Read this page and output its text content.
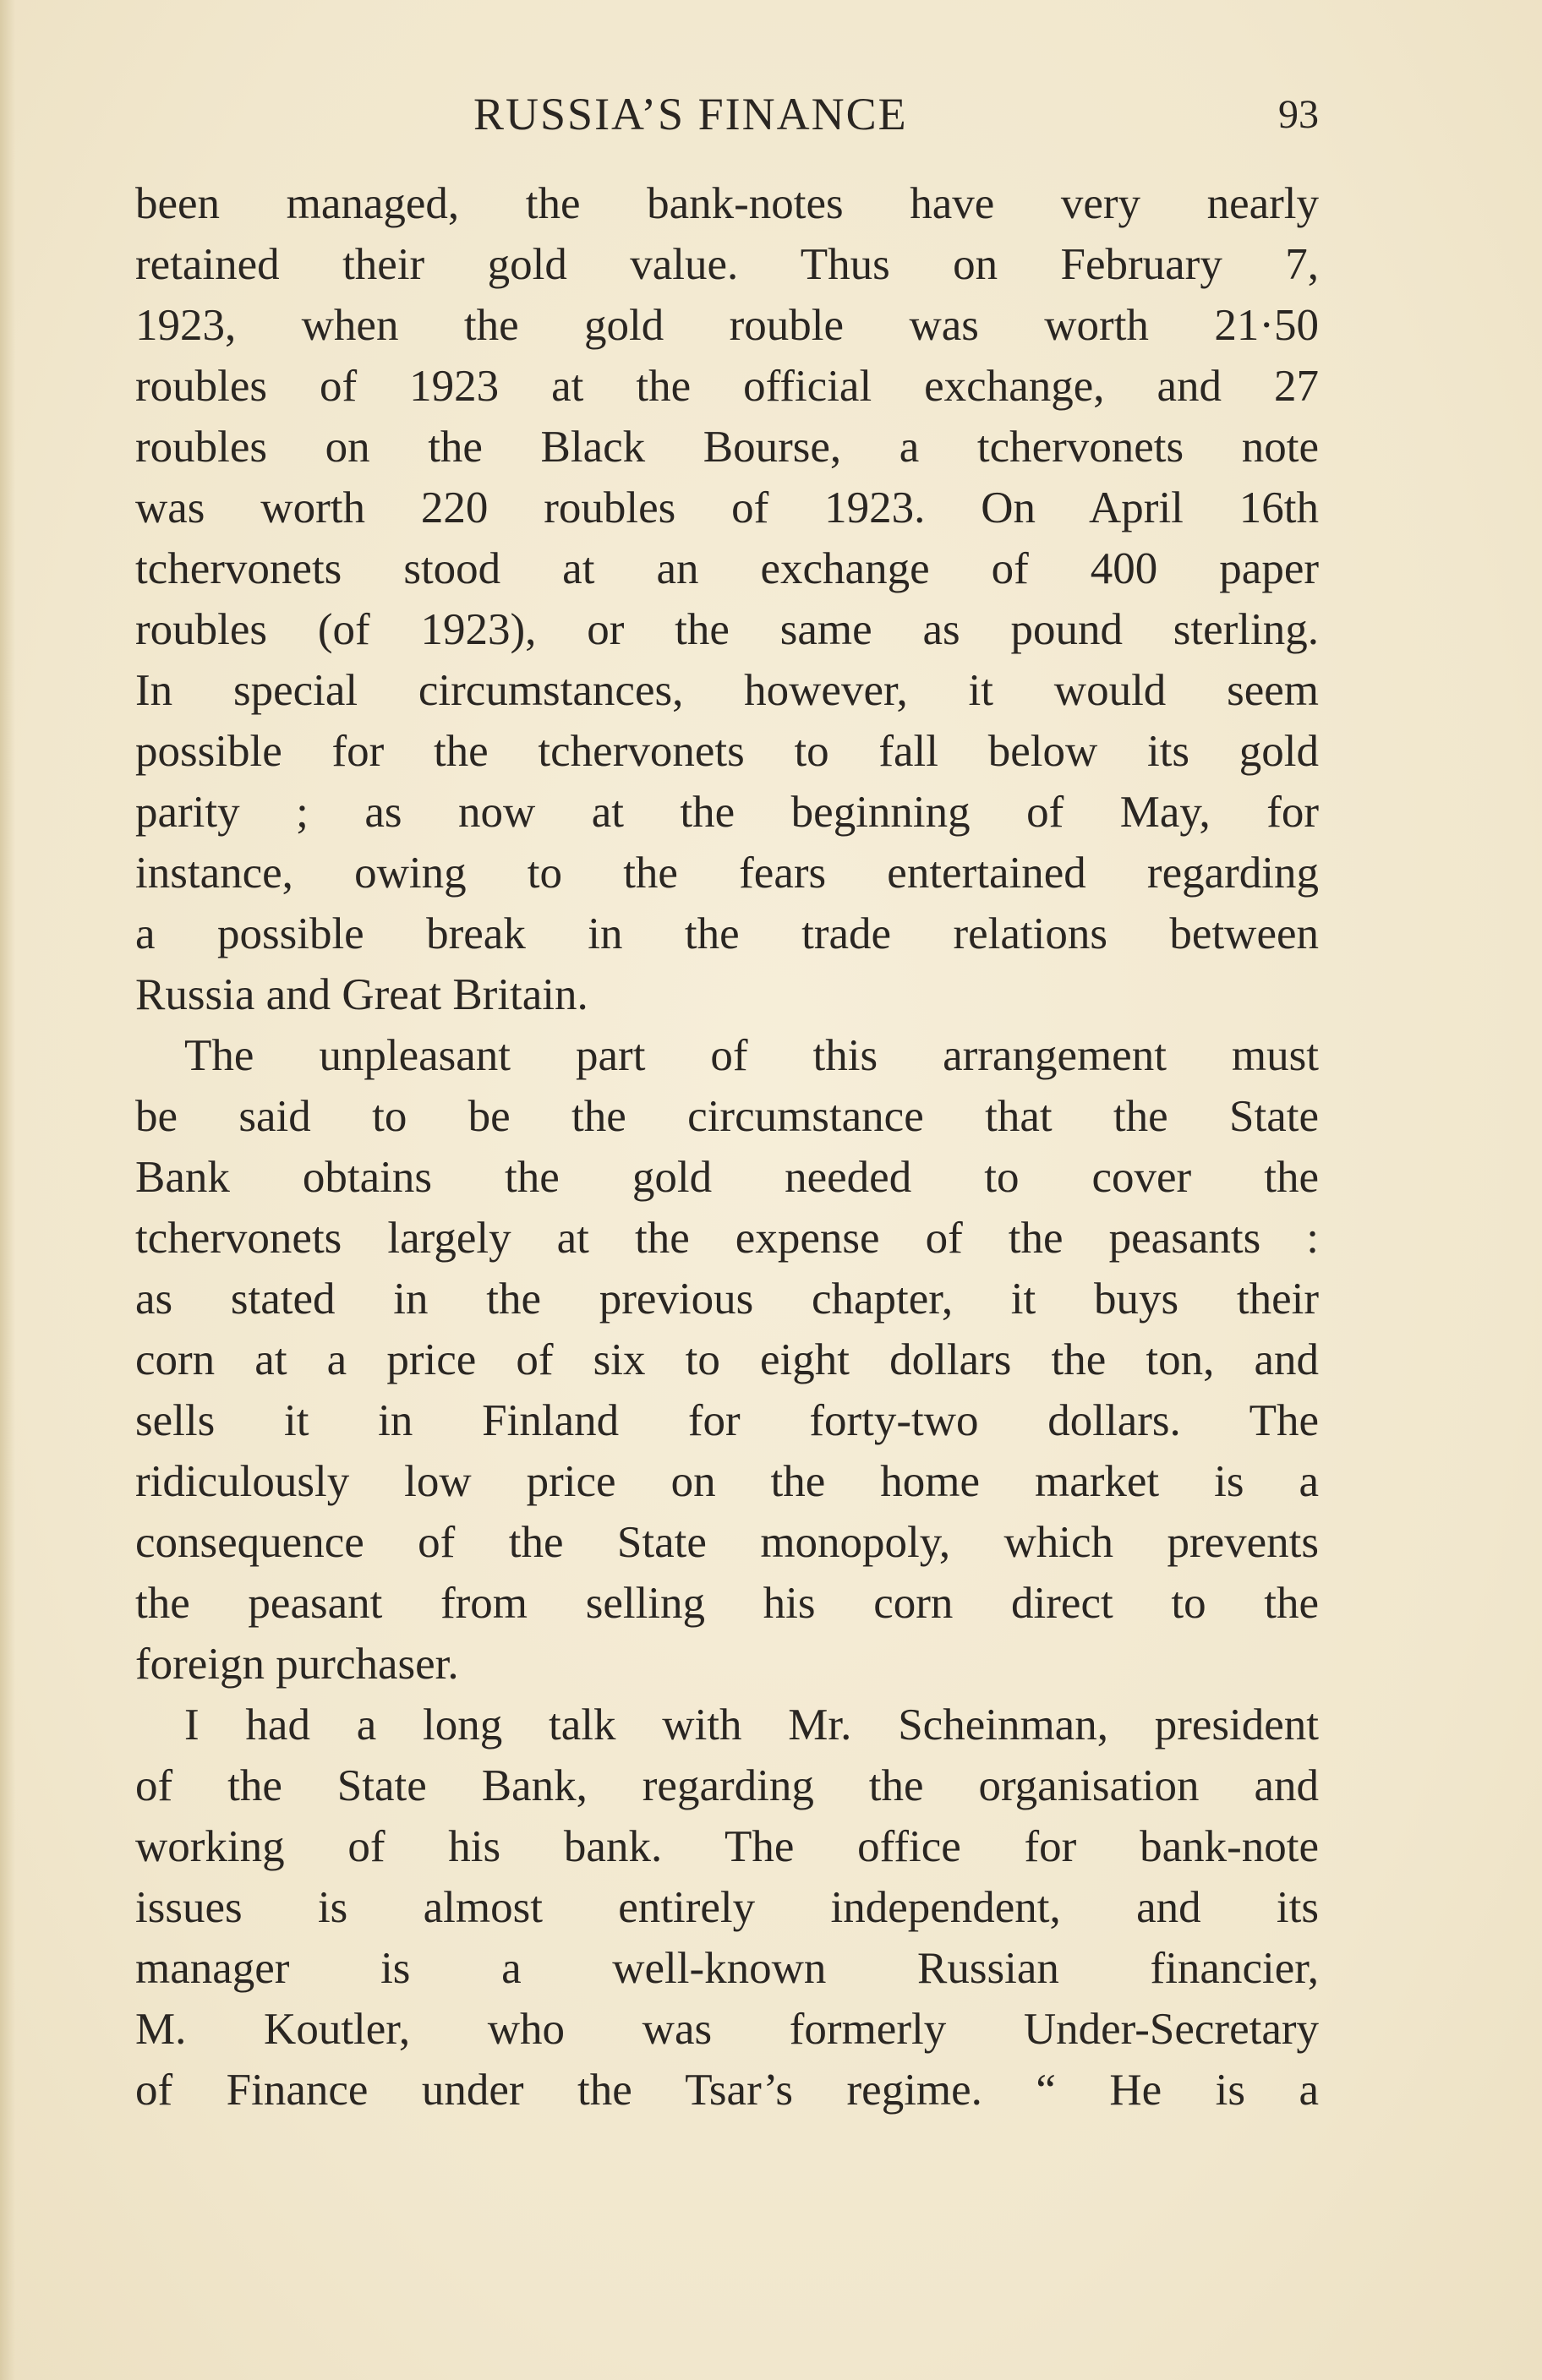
RUSSIA’S FINANCE	93
been managed, the bank-notes have very nearly
retained their gold value. Thus on February 7,
1923, when the gold rouble was worth 21·50
roubles of 1923 at the official exchange, and 27
roubles on the Black Bourse, a tchervonets note
was worth 220 roubles of 1923. On April 16th
tchervonets stood at an exchange of 400 paper
roubles (of 1923), or the same as pound sterling.
In special circumstances, however, it would seem
possible for the tchervonets to fall below its gold
parity ; as now at the beginning of May, for
instance, owing to the fears entertained regarding
a possible break in the trade relations between
Russia and Great Britain.
The unpleasant part of this arrangement must
be said to be the circumstance that the State
Bank obtains the gold needed to cover the
tchervonets largely at the expense of the peasants :
as stated in the previous chapter, it buys their
corn at a price of six to eight dollars the ton, and
sells it in Finland for forty-two dollars. The
ridiculously low price on the home market is a
consequence of the State monopoly, which prevents
the peasant from selling his corn direct to the
foreign purchaser.
I had a long talk with Mr. Scheinman, president
of the State Bank, regarding the organisation and
working of his bank. The office for bank-note
issues is almost entirely independent, and its
manager is a well-known Russian financier,
M. Koutler, who was formerly Under-Secretary
of Finance under the Tsar’s regime. “ He is a
